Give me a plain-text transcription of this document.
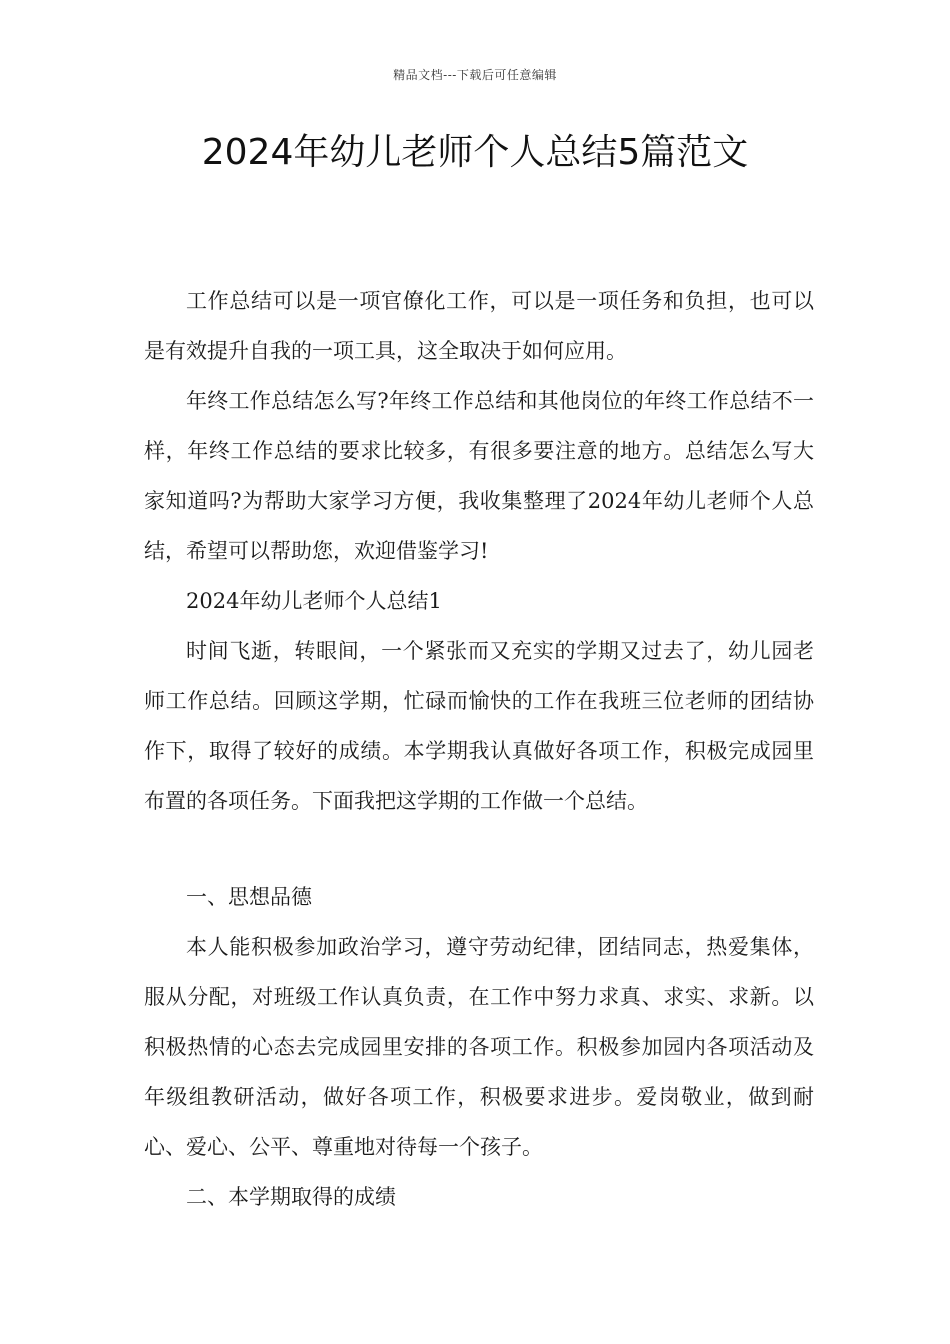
精品文档---下载后可任意编辑
2024年幼儿老师个人总结5篇范文

工作总结可以是一项官僚化工作，可以是一项任务和负担，也可以是有效提升自我的一项工具，这全取决于如何应用。

年终工作总结怎么写?年终工作总结和其他岗位的年终工作总结不一样，年终工作总结的要求比较多，有很多要注意的地方。总结怎么写大家知道吗?为帮助大家学习方便，我收集整理了2024年幼儿老师个人总结，希望可以帮助您，欢迎借鉴学习!

2024年幼儿老师个人总结1

时间飞逝，转眼间，一个紧张而又充实的学期又过去了，幼儿园老师工作总结。回顾这学期，忙碌而愉快的工作在我班三位老师的团结协作下，取得了较好的成绩。本学期我认真做好各项工作，积极完成园里布置的各项任务。下面我把这学期的工作做一个总结。

一、思想品德

本人能积极参加政治学习，遵守劳动纪律，团结同志，热爱集体，服从分配，对班级工作认真负责，在工作中努力求真、求实、求新。以积极热情的心态去完成园里安排的各项工作。积极参加园内各项活动及年级组教研活动，做好各项工作，积极要求进步。爱岗敬业，做到耐心、爱心、公平、尊重地对待每一个孩子。

二、本学期取得的成绩
